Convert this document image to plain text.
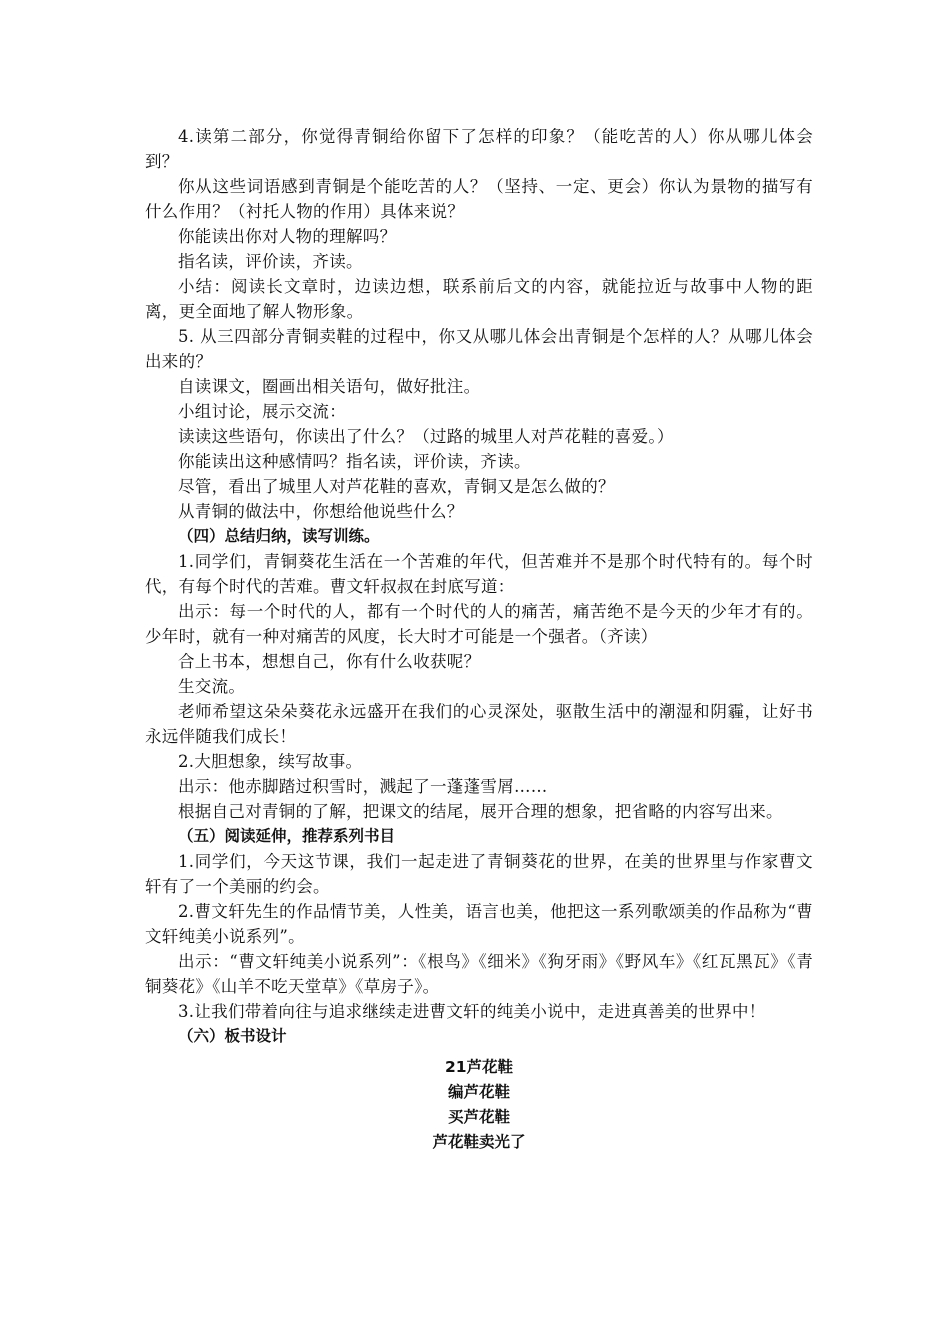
4.读第二部分，你觉得青铜给你留下了怎样的印象？（能吃苦的人）你从哪儿体会到？

你从这些词语感到青铜是个能吃苦的人？（坚持、一定、更会）你认为景物的描写有什么作用？（衬托人物的作用）具体来说？

你能读出你对人物的理解吗？

指名读，评价读，齐读。

小结：阅读长文章时，边读边想，联系前后文的内容，就能拉近与故事中人物的距离，更全面地了解人物形象。

5. 从三四部分青铜卖鞋的过程中，你又从哪儿体会出青铜是个怎样的人？从哪儿体会出来的？

自读课文，圈画出相关语句，做好批注。

小组讨论，展示交流：

读读这些语句，你读出了什么？（过路的城里人对芦花鞋的喜爱。）

你能读出这种感情吗？指名读，评价读，齐读。

尽管，看出了城里人对芦花鞋的喜欢，青铜又是怎么做的？

从青铜的做法中，你想给他说些什么？

（四）总结归纳，读写训练。

1.同学们，青铜葵花生活在一个苦难的年代，但苦难并不是那个时代特有的。每个时代，有每个时代的苦难。曹文轩叔叔在封底写道：

出示：每一个时代的人，都有一个时代的人的痛苦，痛苦绝不是今天的少年才有的。少年时，就有一种对痛苦的风度，长大时才可能是一个强者。（齐读）

合上书本，想想自己，你有什么收获呢？

生交流。

老师希望这朵朵葵花永远盛开在我们的心灵深处，驱散生活中的潮湿和阴霾，让好书永远伴随我们成长！

2.大胆想象，续写故事。

出示：他赤脚踏过积雪时，溅起了一蓬蓬雪屑……

根据自己对青铜的了解，把课文的结尾，展开合理的想象，把省略的内容写出来。

（五）阅读延伸，推荐系列书目

1.同学们，今天这节课，我们一起走进了青铜葵花的世界，在美的世界里与作家曹文轩有了一个美丽的约会。

2.曹文轩先生的作品情节美，人性美，语言也美，他把这一系列歌颂美的作品称为“曹文轩纯美小说系列”。

出示：“曹文轩纯美小说系列”：《根鸟》《细米》《狗牙雨》《野风车》《红瓦黑瓦》《青铜葵花》《山羊不吃天堂草》《草房子》。

3.让我们带着向往与追求继续走进曹文轩的纯美小说中，走进真善美的世界中！

（六）板书设计

21芦花鞋
编芦花鞋
买芦花鞋
芦花鞋卖光了
